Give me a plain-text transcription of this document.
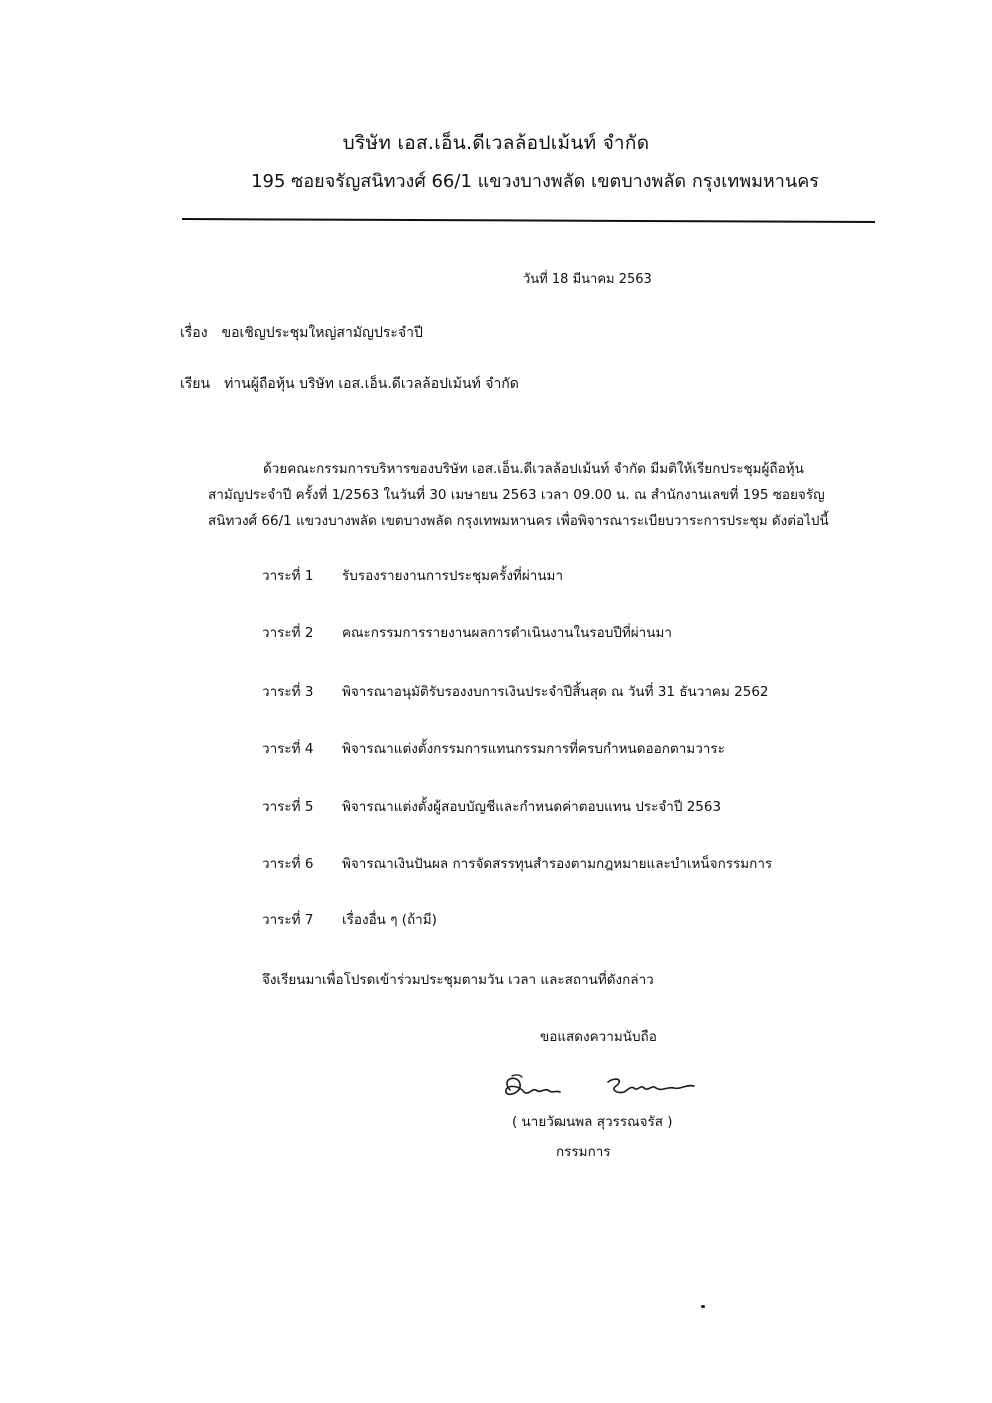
บริษัท เอส.เอ็น.ดีเวลล้อปเม้นท์ จำกัด
195 ซอยจรัญสนิทวงศ์ 66/1 แขวงบางพลัด เขตบางพลัด กรุงเทพมหานคร
วันที่ 18 มีนาคม 2563
เรื่อง ขอเชิญประชุมใหญ่สามัญประจำปี
เรียน ท่านผู้ถือหุ้น บริษัท เอส.เอ็น.ดีเวลล้อปเม้นท์ จำกัด
ด้วยคณะกรรมการบริหารของบริษัท เอส.เอ็น.ดีเวลล้อปเม้นท์ จำกัด มีมติให้เรียกประชุมผู้ถือหุ้น
สามัญประจำปี ครั้งที่ 1/2563 ในวันที่ 30 เมษายน 2563 เวลา 09.00 น. ณ สำนักงานเลขที่ 195 ซอยจรัญ
สนิทวงศ์ 66/1 แขวงบางพลัด เขตบางพลัด กรุงเทพมหานคร เพื่อพิจารณาระเบียบวาระการประชุม ดังต่อไปนี้
วาระที่ 1 รับรองรายงานการประชุมครั้งที่ผ่านมา
วาระที่ 2 คณะกรรมการรายงานผลการดำเนินงานในรอบปีที่ผ่านมา
วาระที่ 3 พิจารณาอนุมัติรับรองงบการเงินประจำปีสิ้นสุด ณ วันที่ 31 ธันวาคม 2562
วาระที่ 4 พิจารณาแต่งตั้งกรรมการแทนกรรมการที่ครบกำหนดออกตามวาระ
วาระที่ 5 พิจารณาแต่งตั้งผู้สอบบัญชีและกำหนดค่าตอบแทน ประจำปี 2563
วาระที่ 6 พิจารณาเงินปันผล การจัดสรรทุนสำรองตามกฎหมายและบำเหน็จกรรมการ
วาระที่ 7 เรื่องอื่น ๆ (ถ้ามี)
จึงเรียนมาเพื่อโปรดเข้าร่วมประชุมตามวัน เวลา และสถานที่ดังกล่าว
ขอแสดงความนับถือ
( นายวัฒนพล สุวรรณจรัส )
กรรมการ
